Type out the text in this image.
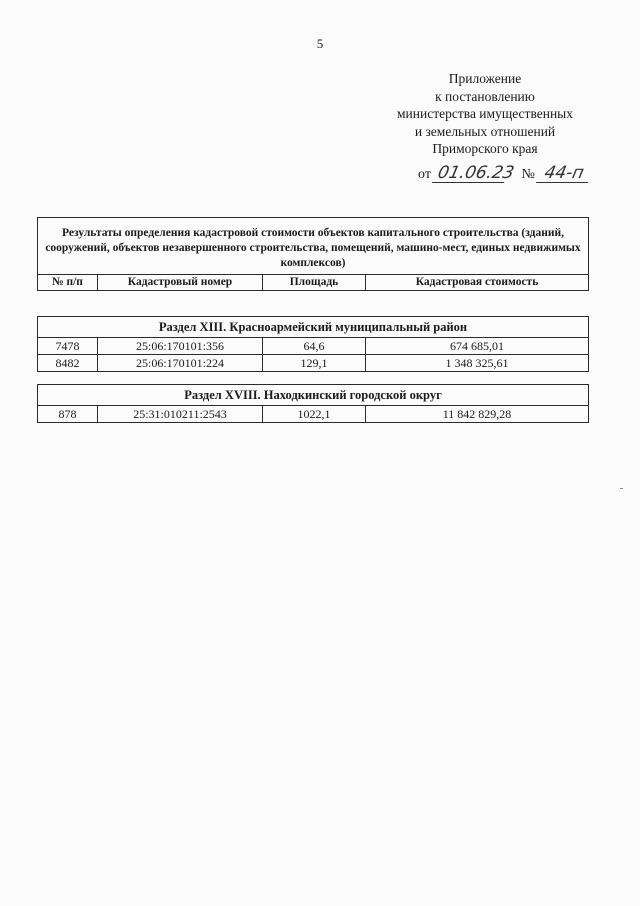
5
Приложение
к постановлению
министерства имущественных
и земельных отношений
Приморского края
от 01.06.23 № 44-п
Результаты определения кадастровой стоимости объектов капитального строительства (зданий, сооружений, объектов незавершенного строительства, помещений, машино-мест, единых недвижимых комплексов)
№ п/п	Кадастровый номер	Площадь	Кадастровая стоимость
Раздел XIII. Красноармейский муниципальный район			
7478	25:06:170101:356	64,6	674 685,01
8482	25:06:170101:224	129,1	1 348 325,61
Раздел XVIII. Находкинский городской округ
878	25:31:010211:2543	1022,1	11 842 829,28
